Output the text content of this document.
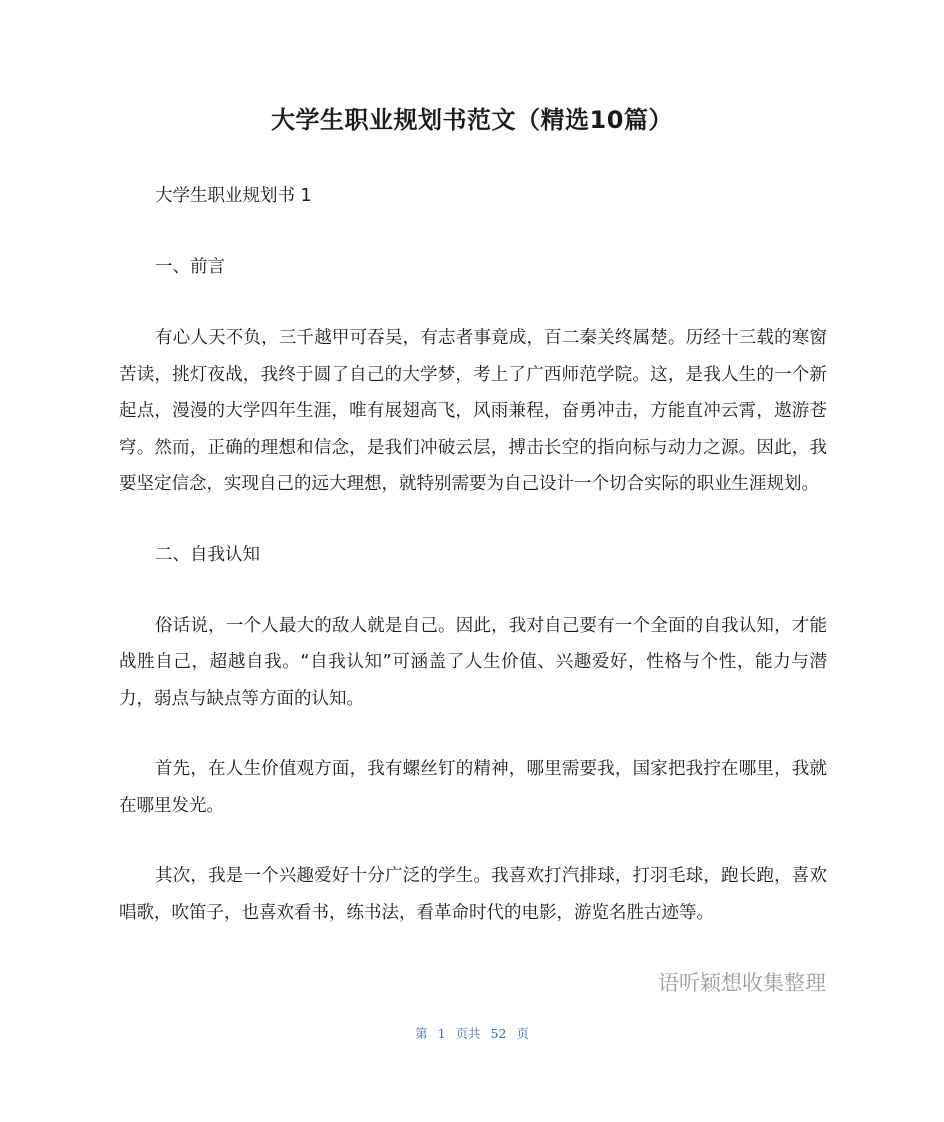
大学生职业规划书范文（精选10篇）

大学生职业规划书 1

一、前言

有心人天不负，三千越甲可吞吴，有志者事竟成，百二秦关终属楚。历经十三载的寒窗苦读，挑灯夜战，我终于圆了自己的大学梦，考上了广西师范学院。这，是我人生的一个新起点，漫漫的大学四年生涯，唯有展翅高飞，风雨兼程，奋勇冲击，方能直冲云霄，遨游苍穹。然而，正确的理想和信念，是我们冲破云层，搏击长空的指向标与动力之源。因此，我要坚定信念，实现自己的远大理想，就特别需要为自己设计一个切合实际的职业生涯规划。

二、自我认知

俗话说，一个人最大的敌人就是自己。因此，我对自己要有一个全面的自我认知，才能战胜自己，超越自我。“自我认知”可涵盖了人生价值、兴趣爱好，性格与个性，能力与潜力，弱点与缺点等方面的认知。

首先，在人生价值观方面，我有螺丝钉的精神，哪里需要我，国家把我拧在哪里，我就在哪里发光。

其次，我是一个兴趣爱好十分广泛的学生。我喜欢打汽排球，打羽毛球，跑长跑，喜欢唱歌，吹笛子，也喜欢看书，练书法，看革命时代的电影，游览名胜古迹等。

语听颖想收集整理
第 1 页共 52 页
